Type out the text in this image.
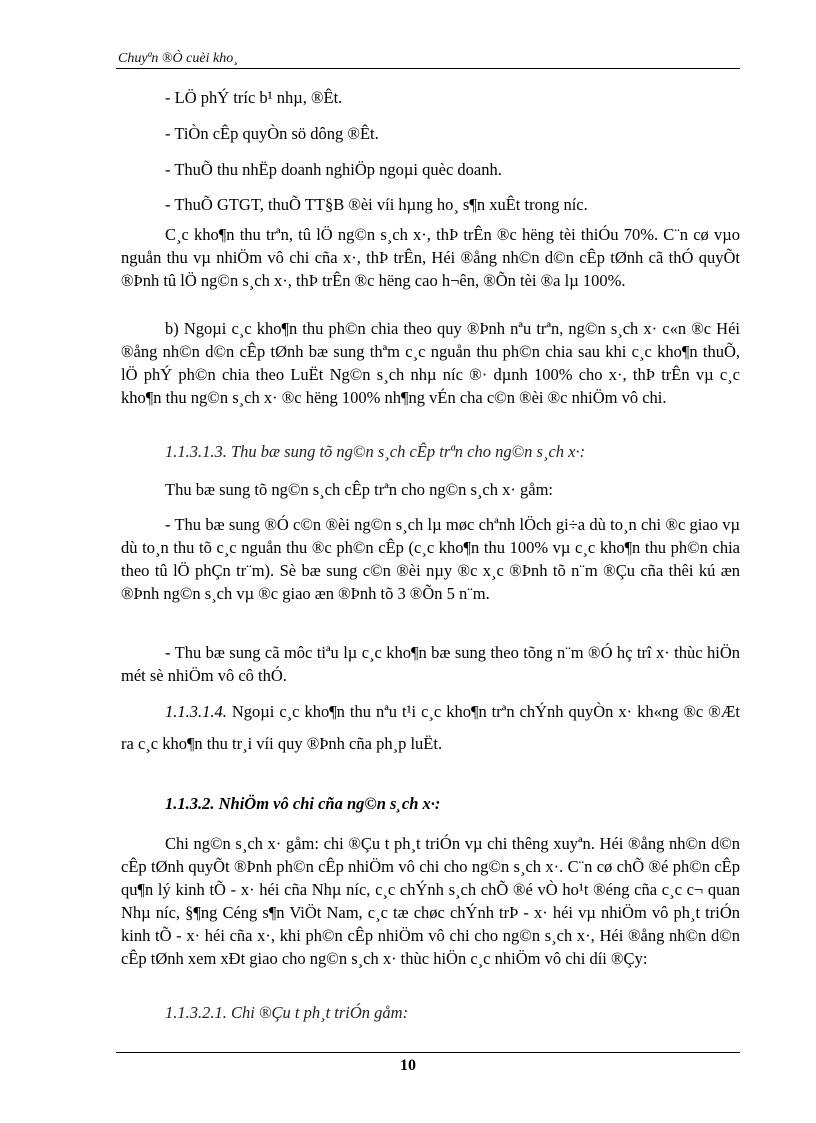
Chuyªn ®Ò cuèi kho¸

- LÖ phÝ tríc b¹ nhµ, ®Êt.

- TiÒn cÊp quyÒn sö dông ®Êt.

- ThuÕ thu nhËp doanh nghiÖp ngoµi quèc doanh.

- ThuÕ GTGT, thuÕ TT§B ®èi víi hµng ho¸ s¶n xuÊt trong níc.

C¸c kho¶n thu trªn, tû lÖ ng©n s¸ch x·, thÞ trÊn ®c hëng tèi thiÓu 70%. C¨n cø vµo nguån thu vµ nhiÖm vô chi cña x·, thÞ trÊn, Héi ®ång nh©n d©n cÊp tØnh cã thÓ quyÕt ®Þnh tû lÖ ng©n s¸ch x·, thÞ trÊn ®c hëng cao h¬ên, ®Õn tèi ®a lµ 100%.

b) Ngoµi c¸c kho¶n thu ph©n chia theo quy ®Þnh nªu trªn, ng©n s¸ch x· c«n ®c Héi ®ång nh©n d©n cÊp tØnh bæ sung thªm c¸c nguån thu ph©n chia sau khi c¸c kho¶n thuÕ, lÖ phÝ ph©n chia theo LuËt Ng©n s¸ch nhµ níc ®· dµnh 100% cho x·, thÞ trÊn vµ c¸c kho¶n thu ng©n s¸ch x· ®c hëng 100% nh¶ng vÉn cha c©n ®èi ®c nhiÖm vô chi.

1.1.3.1.3. Thu bæ sung tõ ng©n s¸ch cÊp trªn cho ng©n s¸ch x·:

Thu bæ sung tõ ng©n s¸ch cÊp trªn cho ng©n s¸ch x· gåm:

- Thu bæ sung ®Ó c©n ®èi ng©n s¸ch lµ møc chªnh lÖch gi÷a dù to¸n chi ®c giao vµ dù to¸n thu tõ c¸c nguån thu ®c ph©n cÊp (c¸c kho¶n thu 100% vµ c¸c kho¶n thu ph©n chia theo tû lÖ phÇn tr¨m). Sè bæ sung c©n ®èi nµy ®c x¸c ®Þnh tõ n¨m ®Çu cña thêi kú æn ®Þnh ng©n s¸ch vµ ®c giao æn ®Þnh tõ 3 ®Õn 5 n¨m.

- Thu bæ sung cã môc tiªu lµ c¸c kho¶n bæ sung theo tõng n¨m ®Ó hç trî x· thùc hiÖn mét sè nhiÖm vô cô thÓ.

1.1.3.1.4. Ngoµi c¸c kho¶n thu nªu t¹i c¸c kho¶n trªn chÝnh quyÒn x· kh«ng ®c ®Æt ra c¸c kho¶n thu tr¸i víi quy ®Þnh cña ph¸p luËt.

1.1.3.2. NhiÖm vô chi cña ng©n s¸ch x·:

Chi ng©n s¸ch x· gåm: chi ®Çu t ph¸t triÓn vµ chi thêng xuyªn. Héi ®ång nh©n d©n cÊp tØnh quyÕt ®Þnh ph©n cÊp nhiÖm vô chi cho ng©n s¸ch x·. C¨n cø chÕ ®é ph©n cÊp qu¶n lý kinh tÕ - x· héi cña Nhµ níc, c¸c chÝnh s¸ch chÕ ®é vÒ ho¹t ®éng cña c¸c c¬ quan Nhµ níc, §¶ng Céng s¶n ViÖt Nam, c¸c tæ chøc chÝnh trÞ - x· héi vµ nhiÖm vô ph¸t triÓn kinh tÕ - x· héi cña x·, khi ph©n cÊp nhiÖm vô chi cho ng©n s¸ch x·, Héi ®ång nh©n d©n cÊp tØnh xem xÐt giao cho ng©n s¸ch x· thùc hiÖn c¸c nhiÖm vô chi díi ®Çy:

1.1.3.2.1. Chi ®Çu t ph¸t triÓn gåm:

10
